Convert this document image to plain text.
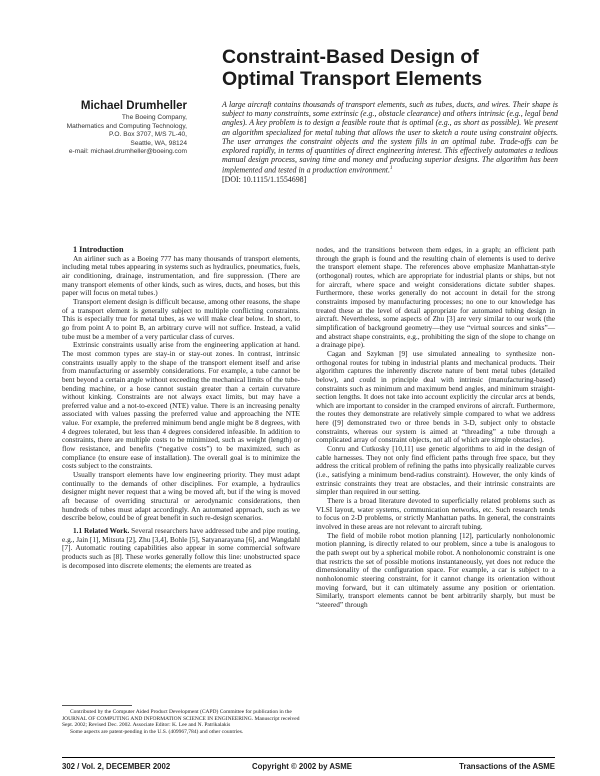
Constraint-Based Design of
Optimal Transport Elements
Michael Drumheller
The Boeing Company,
Mathematics and Computing Technology,
P.O. Box 3707, M/S 7L-40,
Seattle, WA, 98124
e-mail: michael.drumheller@boeing.com
A large aircraft contains thousands of transport elements, such as tubes, ducts, and wires. Their shape is subject to many constraints, some extrinsic (e.g., obstacle clearance) and others intrinsic (e.g., legal bend angles). A key problem is to design a feasible route that is optimal (e.g., as short as possible). We present an algorithm specialized for metal tubing that allows the user to sketch a route using constraint objects. The user arranges the constraint objects and the system fills in an optimal tube. Trade-offs can be explored rapidly, in terms of quantities of direct engineering interest. This effectively automates a tedious manual design process, saving time and money and producing superior designs. The algorithm has been implemented and tested in a production environment.$^1$
[DOI: 10.1115/1.1554698]

1 Introduction

An airliner such as a Boeing 777 has many thousands of transport elements, including metal tubes appearing in systems such as hydraulics, pneumatics, fuels, air conditioning, drainage, instrumentation, and fire suppression. (There are many transport elements of other kinds, such as wires, ducts, and hoses, but this paper will focus on metal tubes.)

Transport element design is difficult because, among other reasons, the shape of a transport element is generally subject to multiple conflicting constraints. This is especially true for metal tubes, as we will make clear below. In short, to go from point A to point B, an arbitrary curve will not suffice. Instead, a valid tube must be a member of a very particular class of curves.

Extrinsic constraints usually arise from the engineering application at hand. The most common types are stay-in or stay-out zones. In contrast, intrinsic constraints usually apply to the shape of the transport element itself and arise from manufacturing or assembly considerations. For example, a tube cannot be bent beyond a certain angle without exceeding the mechanical limits of the tube-bending machine, or a hose cannot sustain greater than a certain curvature without kinking. Constraints are not always exact limits, but may have a preferred value and a not-to-exceed (NTE) value. There is an increasing penalty associated with values passing the preferred value and approaching the NTE value. For example, the preferred minimum bend angle might be 8 degrees, with 4 degrees tolerated, but less than 4 degrees considered infeasible. In addition to constraints, there are multiple costs to be minimized, such as weight (length) or flow resistance, and benefits (“negative costs”) to be maximized, such as compliance (to ensure ease of installation). The overall goal is to minimize the costs subject to the constraints.

Usually transport elements have low engineering priority. They must adapt continually to the demands of other disciplines. For example, a hydraulics designer might never request that a wing be moved aft, but if the wing is moved aft because of overriding structural or aerodynamic considerations, then hundreds of tubes must adapt accordingly. An automated approach, such as we describe below, could be of great benefit in such re-design scenarios.

1.1 Related Work. Several researchers have addressed tube and pipe routing, e.g., Jain [1], Mitsuta [2], Zhu [3,4], Bohle [5], Satyanarayana [6], and Wangdahl [7]. Automatic routing capabilities also appear in some commercial software products such as [8]. These works generally follow this line: unobstructed space is decomposed into discrete elements; the elements are treated as

nodes, and the transitions between them edges, in a graph; an efficient path through the graph is found and the resulting chain of elements is used to derive the transport element shape. The references above emphasize Manhattan-style (orthogonal) routes, which are appropriate for industrial plants or ships, but not for aircraft, where space and weight considerations dictate subtler shapes. Furthermore, these works generally do not account in detail for the strong constraints imposed by manufacturing processes; no one to our knowledge has treated these at the level of detail appropriate for automated tubing design in aircraft. Nevertheless, some aspects of Zhu [3] are very similar to our work (the simplification of background geometry—they use “virtual sources and sinks”—and abstract shape constraints, e.g., prohibiting the sign of the slope to change on a drainage pipe).

Cagan and Szykman [9] use simulated annealing to synthesize non-orthogonal routes for tubing in industrial plants and mechanical products. Their algorithm captures the inherently discrete nature of bent metal tubes (detailed below), and could in principle deal with intrinsic (manufacturing-based) constraints such as minimum and maximum bend angles, and minimum straight-section lengths. It does not take into account explicitly the circular arcs at bends, which are important to consider in the cramped environs of aircraft. Furthermore, the routes they demonstrate are relatively simple compared to what we address here ([9] demonstrated two or three bends in 3-D, subject only to obstacle constraints, whereas our system is aimed at “threading” a tube through a complicated array of constraint objects, not all of which are simple obstacles).

Conru and Cutkosky [10,11] use genetic algorithms to aid in the design of cable harnesses. They not only find efficient paths through free space, but they address the critical problem of refining the paths into physically realizable curves (i.e., satisfying a minimum bend-radius constraint). However, the only kinds of extrinsic constraints they treat are obstacles, and their intrinsic constraints are simpler than required in our setting.

There is a broad literature devoted to superficially related problems such as VLSI layout, water systems, communication networks, etc. Such research tends to focus on 2-D problems, or strictly Manhattan paths. In general, the constraints involved in these areas are not relevant to aircraft tubing.

The field of mobile robot motion planning [12], particularly nonholonomic motion planning, is directly related to our problem, since a tube is analogous to the path swept out by a spherical mobile robot. A nonholonomic constraint is one that restricts the set of possible motions instantaneously, yet does not reduce the dimensionality of the configuration space. For example, a car is subject to a nonholonomic steering constraint, for it cannot change its orientation without moving forward, but it can ultimately assume any position or orientation. Similarly, transport elements cannot be bent arbitrarily sharply, but must be “steered” through

Contributed by the Computer Aided Product Development (CAPD) Committee for publication in the JOURNAL OF COMPUTING AND INFORMATION SCIENCE IN ENGINEERING. Manuscript received Sept. 2002; Revised Dec. 2002. Associate Editor: K. Lee and N. Patrikalakis

Some aspects are patent-pending in the U.S. (409967,784) and other countries.

302 / Vol. 2, DECEMBER 2002	Copyright © 2002 by ASME	Transactions of the ASME
